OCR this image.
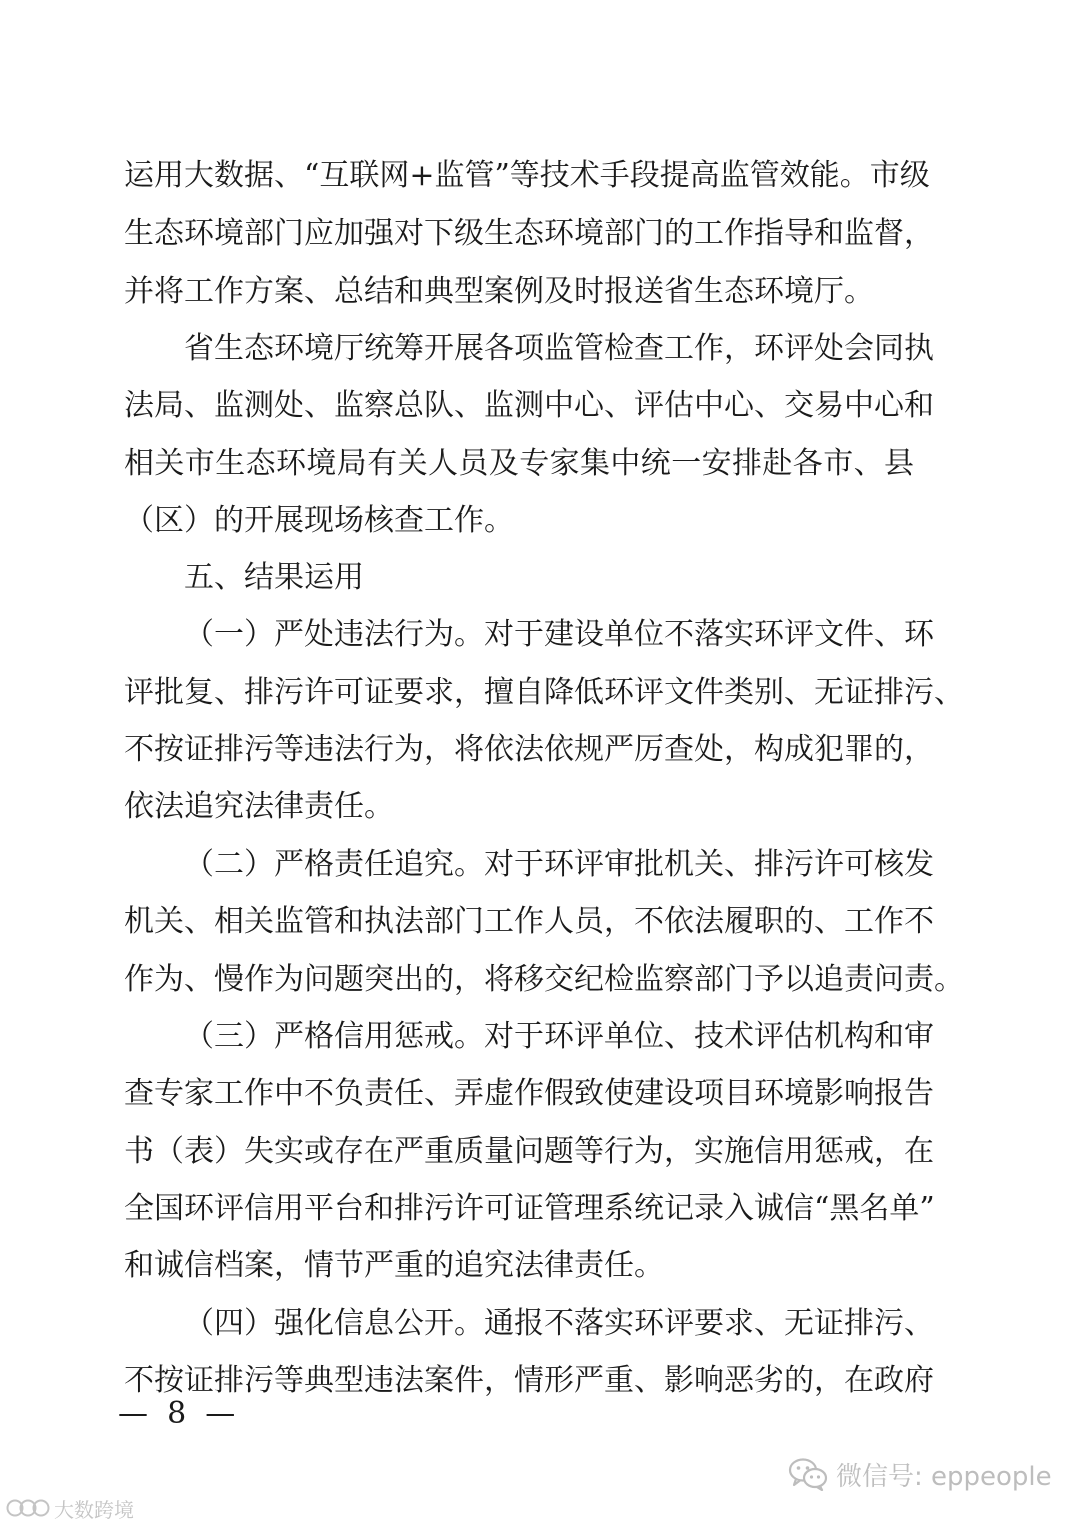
运用大数据、“互联网+监管”等技术手段提高监管效能。市级
生态环境部门应加强对下级生态环境部门的工作指导和监督，
并将工作方案、总结和典型案例及时报送省生态环境厅。
省生态环境厅统筹开展各项监管检查工作，环评处会同执
法局、监测处、监察总队、监测中心、评估中心、交易中心和
相关市生态环境局有关人员及专家集中统一安排赴各市、县
（区）的开展现场核查工作。
五、结果运用
（一）严处违法行为。对于建设单位不落实环评文件、环
评批复、排污许可证要求，擅自降低环评文件类别、无证排污、
不按证排污等违法行为，将依法依规严厉查处，构成犯罪的，
依法追究法律责任。
（二）严格责任追究。对于环评审批机关、排污许可核发
机关、相关监管和执法部门工作人员，不依法履职的、工作不
作为、慢作为问题突出的，将移交纪检监察部门予以追责问责。
（三）严格信用惩戒。对于环评单位、技术评估机构和审
查专家工作中不负责任、弄虚作假致使建设项目环境影响报告
书（表）失实或存在严重质量问题等行为，实施信用惩戒，在
全国环评信用平台和排污许可证管理系统记录入诚信“黑名单”
和诚信档案，情节严重的追究法律责任。
（四）强化信息公开。通报不落实环评要求、无证排污、
不按证排污等典型违法案件，情形严重、影响恶劣的，在政府
—  8  —
微信号: eppeople
大数跨境
